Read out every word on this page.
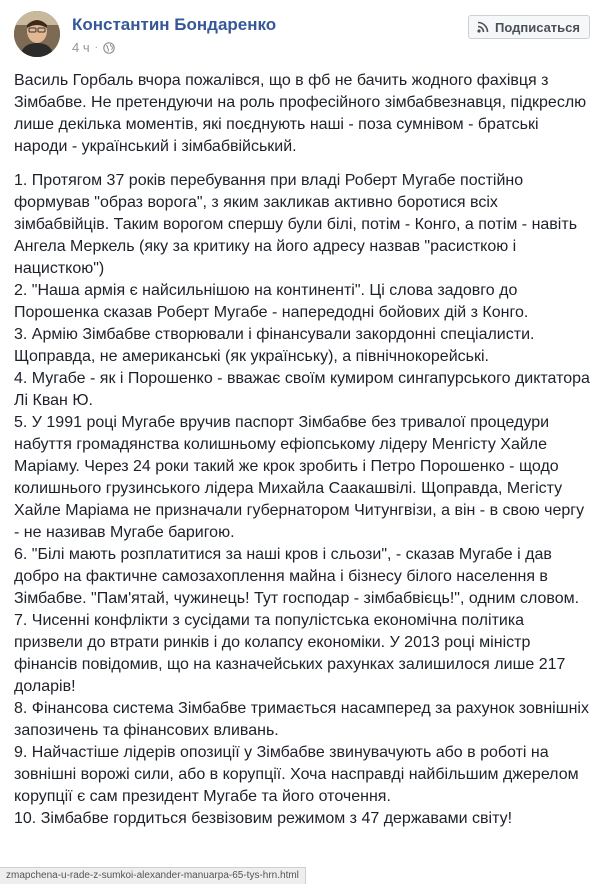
Константин Бондаренко
4 ч ·
Подписаться

Василь Горбаль вчора пожалівся, що в фб не бачить жодного фахівця з Зімбабве. Не претендуючи на роль професійного зімбабвезнавця, підкреслю лише декілька моментів, які поєднують наші - поза сумнівом - братські народи - український і зімбабвійський.

1. Протягом 37 років перебування при владі Роберт Мугабе постійно формував "образ ворога", з яким закликав активно боротися всіх зімбабвійців. Таким ворогом спершу були білі, потім - Конго, а потім - навіть Ангела Меркель (яку за критику на його адресу назвав "расисткою і нацисткою")
2. "Наша армія є найсильнішою на континенті". Ці слова задовго до Порошенка сказав Роберт Мугабе - напередодні бойових дій з Конго.
3. Армію Зімбабве створювали і фінансували закордонні спеціалисти. Щоправда, не американські (як українську), а північнокорейські.
4. Мугабе - як і Порошенко - вважає своїм кумиром сингапурського диктатора Лі Кван Ю.
5. У 1991 році Мугабе вручив паспорт Зімбабве без тривалої процедури набуття громадянства колишньому ефіопському лідеру Менгісту Хайле Маріаму. Через 24 роки такий же крок зробить і Петро Порошенко - щодо колишнього грузинського лідера Михайла Саакашвілі. Щоправда, Мегісту Хайле Маріама не призначали губернатором Читунгвізи, а він - в свою чергу - не називав Мугабе баригою.
6. "Білі мають розплатитися за наші кров і сльози", - сказав Мугабе і дав добро на фактичне самозахоплення майна і бізнесу білого населення в Зімбабве. "Пам'ятай, чужинець! Тут господар - зімбабвієць!", одним словом.
7. Чисенні конфлікти з сусідами та популістська економічна політика призвели до втрати ринків і до колапсу економіки. У 2013 році міністр фінансів повідомив, що на казначейських рахунках залишилося лише 217 доларів!
8. Фінансова система Зімбабве тримається насамперед за рахунок зовнішніх запозичень та фінансових вливань.
9. Найчастіше лідерів опозиції у Зімбабве звинувачують або в роботі на зовнішні ворожі сили, або в корупції. Хоча насправді найбільшим джерелом корупції є сам президент Мугабе та його оточення.
10. Зімбабве гордиться безвізовим режимом з 47 державами світу!
zmapchena-u-rade-z-sumkoi-alexander-manuarpa-65-tys-hrn.html
